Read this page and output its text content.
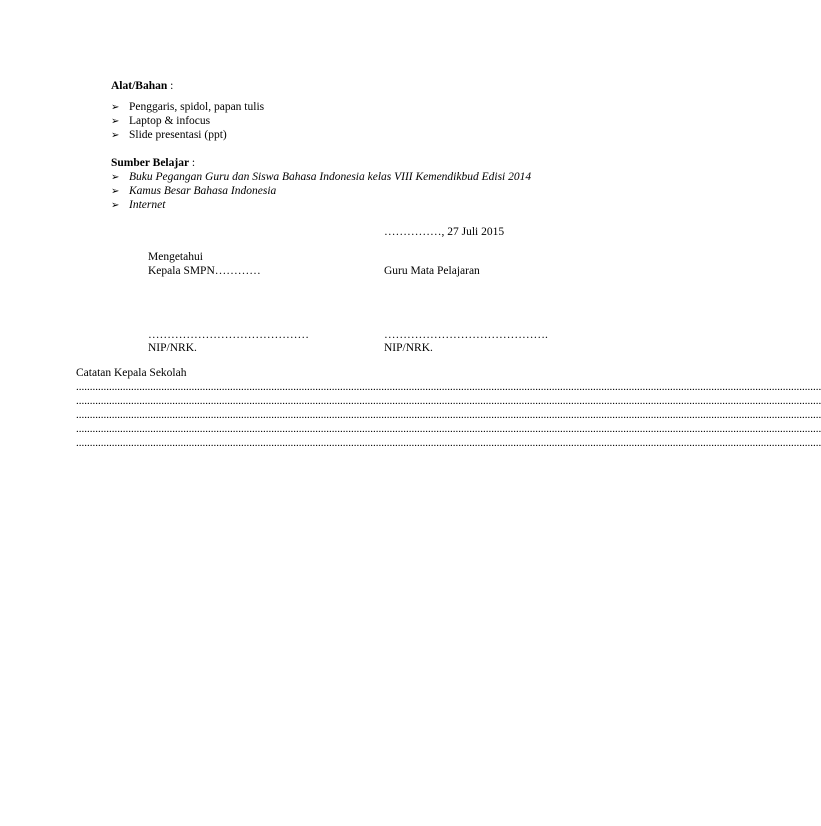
Alat/Bahan :
➢ Penggaris, spidol, papan tulis
➢ Laptop & infocus
➢ Slide presentasi (ppt)
Sumber Belajar :
➢ Buku Pegangan Guru dan Siswa Bahasa Indonesia kelas VIII Kemendikbud Edisi 2014
➢ Kamus Besar Bahasa Indonesia
➢ Internet
……………, 27 Juli 2015
Mengetahui
Kepala SMPN…………
……………………………………
NIP/NRK.
Guru Mata Pelajaran
…………………………………….
NIP/NRK.
Catatan Kepala Sekolah
...............................................................................................................................................................................................................................................................................
...............................................................................................................................................................................................................................................................................
...............................................................................................................................................................................................................................................................................
...............................................................................................................................................................................................................................................................................
...............................................................................................................................................................................................................................................................................
